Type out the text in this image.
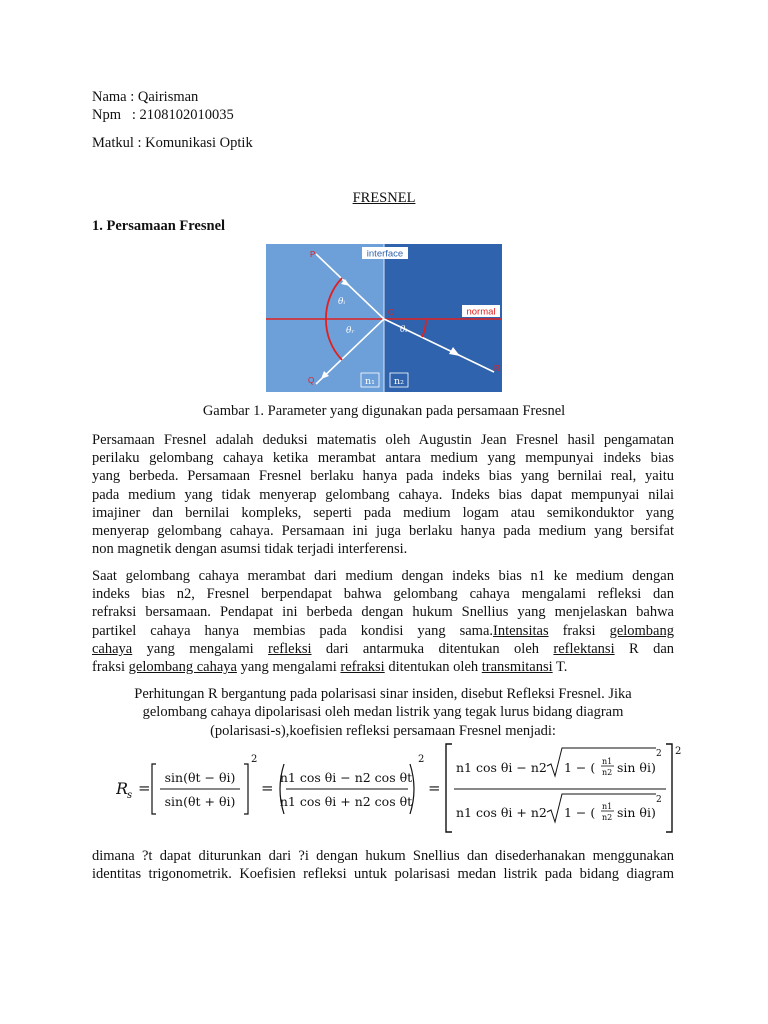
Nama : Qairisman
Npm   : 2108102010035
Matkul : Komunikasi Optik
FRESNEL
1. Persamaan Fresnel
interface
normal
θᵢ
θᵣ	θₜ
P
Q
O
R
n₁ n₂
Gambar 1. Parameter yang digunakan pada persamaan Fresnel
Persamaan Fresnel adalah deduksi matematis oleh Augustin Jean Fresnel hasil pengamatan
perilaku gelombang cahaya ketika merambat antara medium yang mempunyai indeks bias
yang berbeda. Persamaan Fresnel berlaku hanya pada indeks bias yang bernilai real, yaitu
pada medium yang tidak menyerap gelombang cahaya. Indeks bias dapat mempunyai nilai
imajiner dan bernilai kompleks, seperti pada medium logam atau semikonduktor yang
menyerap gelombang cahaya. Persamaan ini juga berlaku hanya pada medium yang bersifat
non magnetik dengan asumsi tidak terjadi interferensi.
Saat gelombang cahaya merambat dari medium dengan indeks bias n1 ke medium dengan
indeks bias n2, Fresnel berpendapat bahwa gelombang cahaya mengalami refleksi dan
refraksi bersamaan. Pendapat ini berbeda dengan hukum Snellius yang menjelaskan bahwa
partikel cahaya hanya membias pada kondisi yang sama.Intensitas fraksi gelombang
cahaya yang mengalami refleksi dari antarmuka ditentukan oleh reflektansi R dan
fraksi gelombang cahaya yang mengalami refraksi ditentukan oleh transmitansi T.
Perhitungan R bergantung pada polarisasi sinar insiden, disebut Refleksi Fresnel. Jika
gelombang cahaya dipolarisasi oleh medan listrik yang tegak lurus bidang diagram
(polarisasi-s),koefisien refleksi persamaan Fresnel menjadi:
R
s =
sin(θt − θi)
sin(θt + θi)
2
=
n1 cos θi − n2 cos θt
n1 cos θi + n2 cos θt
2
=
n1 cos θi − n2 1 − ( n1
n2 sin θi)
2
n1 cos θi + n2 1 − ( n1
n2 sin θi)
2
2
dimana ?t dapat diturunkan dari ?i dengan hukum Snellius dan disederhanakan menggunakan
identitas trigonometrik. Koefisien refleksi untuk polarisasi medan listrik pada bidang diagram
